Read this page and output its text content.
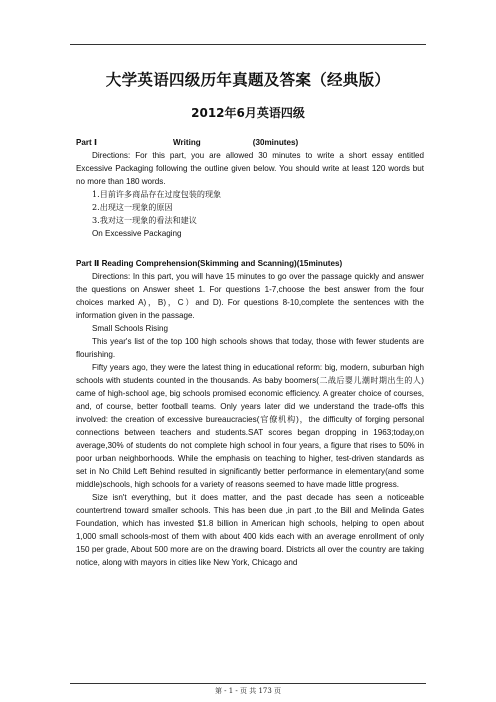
大学英语四级历年真题及答案（经典版）
2012年6月英语四级
Part Ⅰ	Writing	(30minutes)

Directions: For this part, you are allowed 30 minutes to write a short essay entitled Excessive Packaging following the outline given below. You should write at least 120 words but no more than 180 words.

1.目前许多商品存在过度包装的现象

2.出现这一现象的原因

3.我对这一现象的看法和建议

On Excessive Packaging

Part Ⅱ Reading Comprehension(Skimming and Scanning)(15minutes)

Directions: In this part, you will have 15 minutes to go over the passage quickly and answer the questions on Answer sheet 1. For questions 1-7,choose the best answer from the four choices marked A)，B)，C）and D). For questions 8-10,complete the sentences with the information given in the passage.

Small Schools Rising

This year's list of the top 100 high schools shows that today, those with fewer students are flourishing.

Fifty years ago, they were the latest thing in educational reform: big, modern, suburban high schools with students counted in the thousands. As baby boomers(二战后婴儿潮时期出生的人) came of high-school age, big schools promised economic efficiency. A greater choice of courses, and, of course, better football teams. Only years later did we understand the trade-offs this involved: the creation of excessive bureaucracies(官僚机构)，the difficulty of forging personal connections between teachers and students.SAT scores began dropping in 1963;today,on average,30% of students do not complete high school in four years, a figure that rises to 50% in poor urban neighborhoods. While the emphasis on teaching to higher, test-driven standards as set in No Child Left Behind resulted in significantly better performance in elementary(and some middle)schools, high schools for a variety of reasons seemed to have made little progress.

Size isn't everything, but it does matter, and the past decade has seen a noticeable countertrend toward smaller schools. This has been due ,in part ,to the Bill and Melinda Gates Foundation, which has invested $1.8 billion in American high schools, helping to open about 1,000 small schools-most of them with about 400 kids each with an average enrollment of only 150 per grade, About 500 more are on the drawing board. Districts all over the country are taking notice, along with mayors in cities like New York, Chicago and

第 - 1 - 页 共 173 页
